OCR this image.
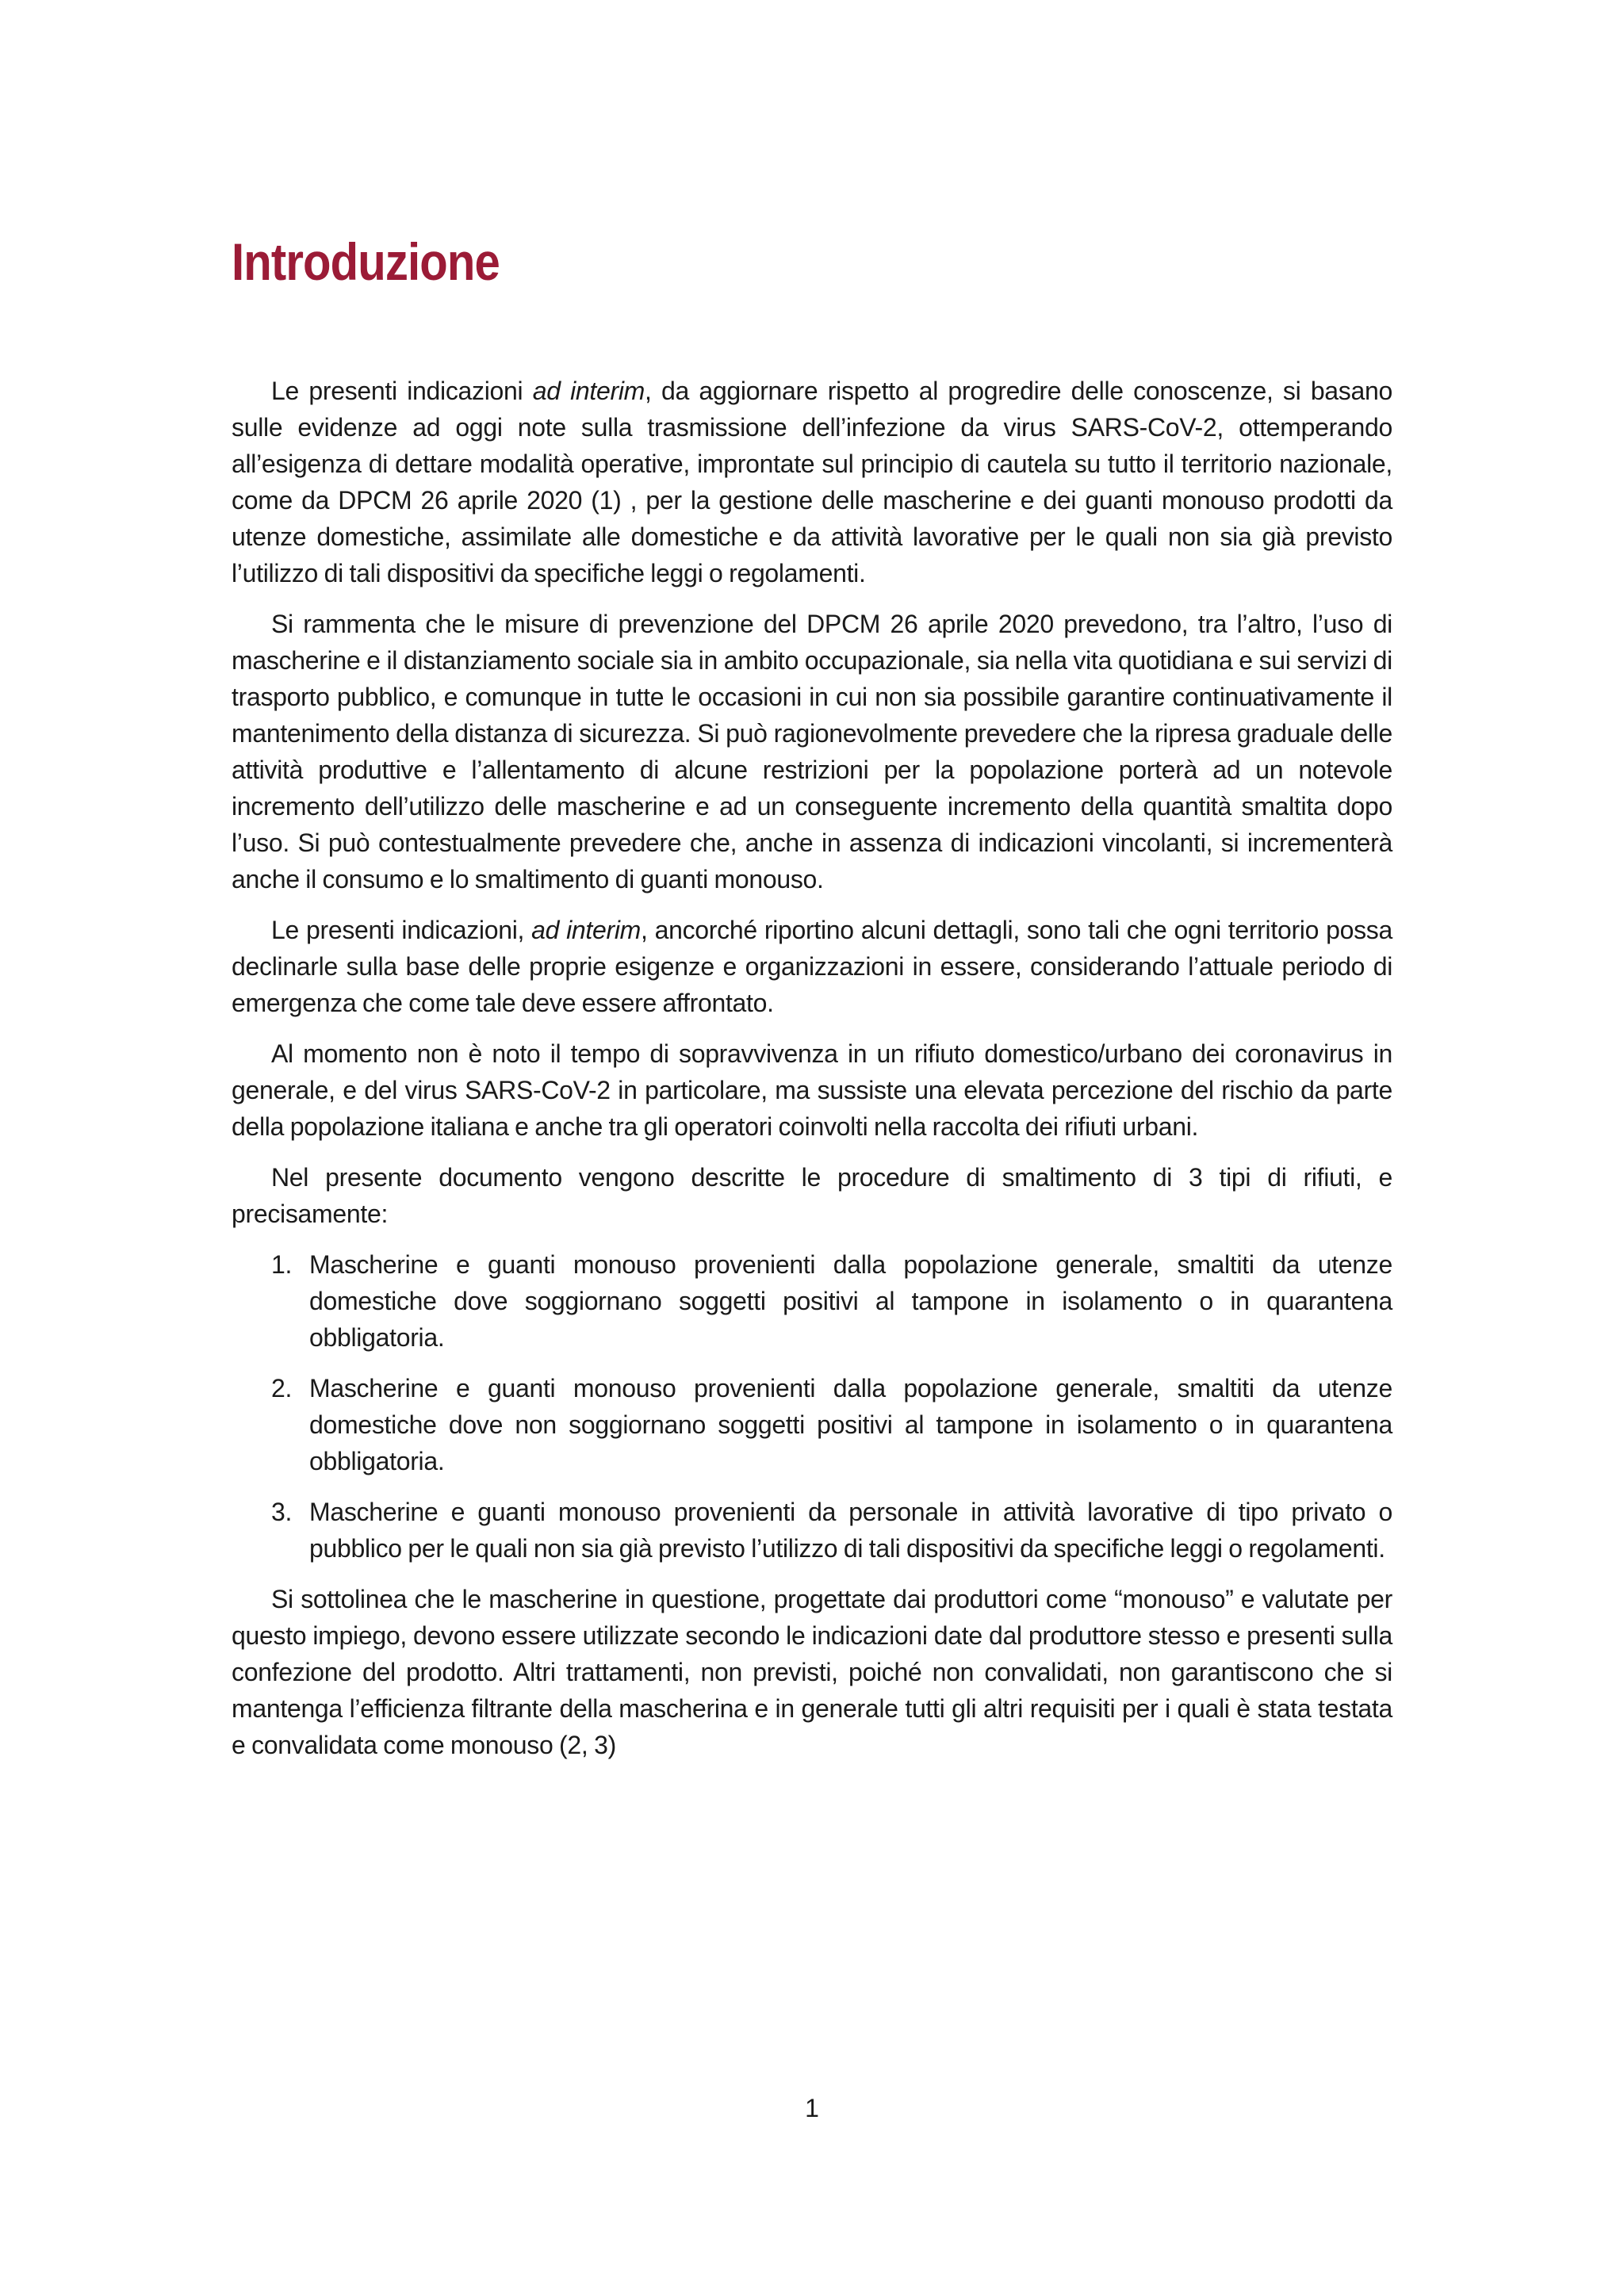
Introduzione

Le presenti indicazioni ad interim, da aggiornare rispetto al progredire delle conoscenze, si basano sulle evidenze ad oggi note sulla trasmissione dell’infezione da virus SARS-CoV-2, ottemperando all’esigenza di dettare modalità operative, improntate sul principio di cautela su tutto il territorio nazionale, come da DPCM 26 aprile 2020 (1) , per la gestione delle mascherine e dei guanti monouso prodotti da utenze domestiche, assimilate alle domestiche e da attività lavorative per le quali non sia già previsto l’utilizzo di tali dispositivi da specifiche leggi o regolamenti.

Si rammenta che le misure di prevenzione del DPCM 26 aprile 2020 prevedono, tra l’altro, l’uso di mascherine e il distanziamento sociale sia in ambito occupazionale, sia nella vita quotidiana e sui servizi di trasporto pubblico, e comunque in tutte le occasioni in cui non sia possibile garantire continuativamente il mantenimento della distanza di sicurezza. Si può ragionevolmente prevedere che la ripresa graduale delle attività produttive e l’allentamento di alcune restrizioni per la popolazione porterà ad un notevole incremento dell’utilizzo delle mascherine e ad un conseguente incremento della quantità smaltita dopo l’uso. Si può contestualmente prevedere che, anche in assenza di indicazioni vincolanti, si incrementerà anche il consumo e lo smaltimento di guanti monouso.

Le presenti indicazioni, ad interim, ancorché riportino alcuni dettagli, sono tali che ogni territorio possa declinarle sulla base delle proprie esigenze e organizzazioni in essere, considerando l’attuale periodo di emergenza che come tale deve essere affrontato.

Al momento non è noto il tempo di sopravvivenza in un rifiuto domestico/urbano dei coronavirus in generale, e del virus SARS-CoV-2 in particolare, ma sussiste una elevata percezione del rischio da parte della popolazione italiana e anche tra gli operatori coinvolti nella raccolta dei rifiuti urbani.

Nel presente documento vengono descritte le procedure di smaltimento di 3 tipi di rifiuti, e precisamente:

1. Mascherine e guanti monouso provenienti dalla popolazione generale, smaltiti da utenze domestiche dove soggiornano soggetti positivi al tampone in isolamento o in quarantena obbligatoria.
2. Mascherine e guanti monouso provenienti dalla popolazione generale, smaltiti da utenze domestiche dove non soggiornano soggetti positivi al tampone in isolamento o in quarantena obbligatoria.
3. Mascherine e guanti monouso provenienti da personale in attività lavorative di tipo privato o pubblico per le quali non sia già previsto l’utilizzo di tali dispositivi da specifiche leggi o regolamenti.

Si sottolinea che le mascherine in questione, progettate dai produttori come “monouso” e valutate per questo impiego, devono essere utilizzate secondo le indicazioni date dal produttore stesso e presenti sulla confezione del prodotto. Altri trattamenti, non previsti, poiché non convalidati, non garantiscono che si mantenga l’efficienza filtrante della mascherina e in generale tutti gli altri requisiti per i quali è stata testata e convalidata come monouso (2, 3)

1
